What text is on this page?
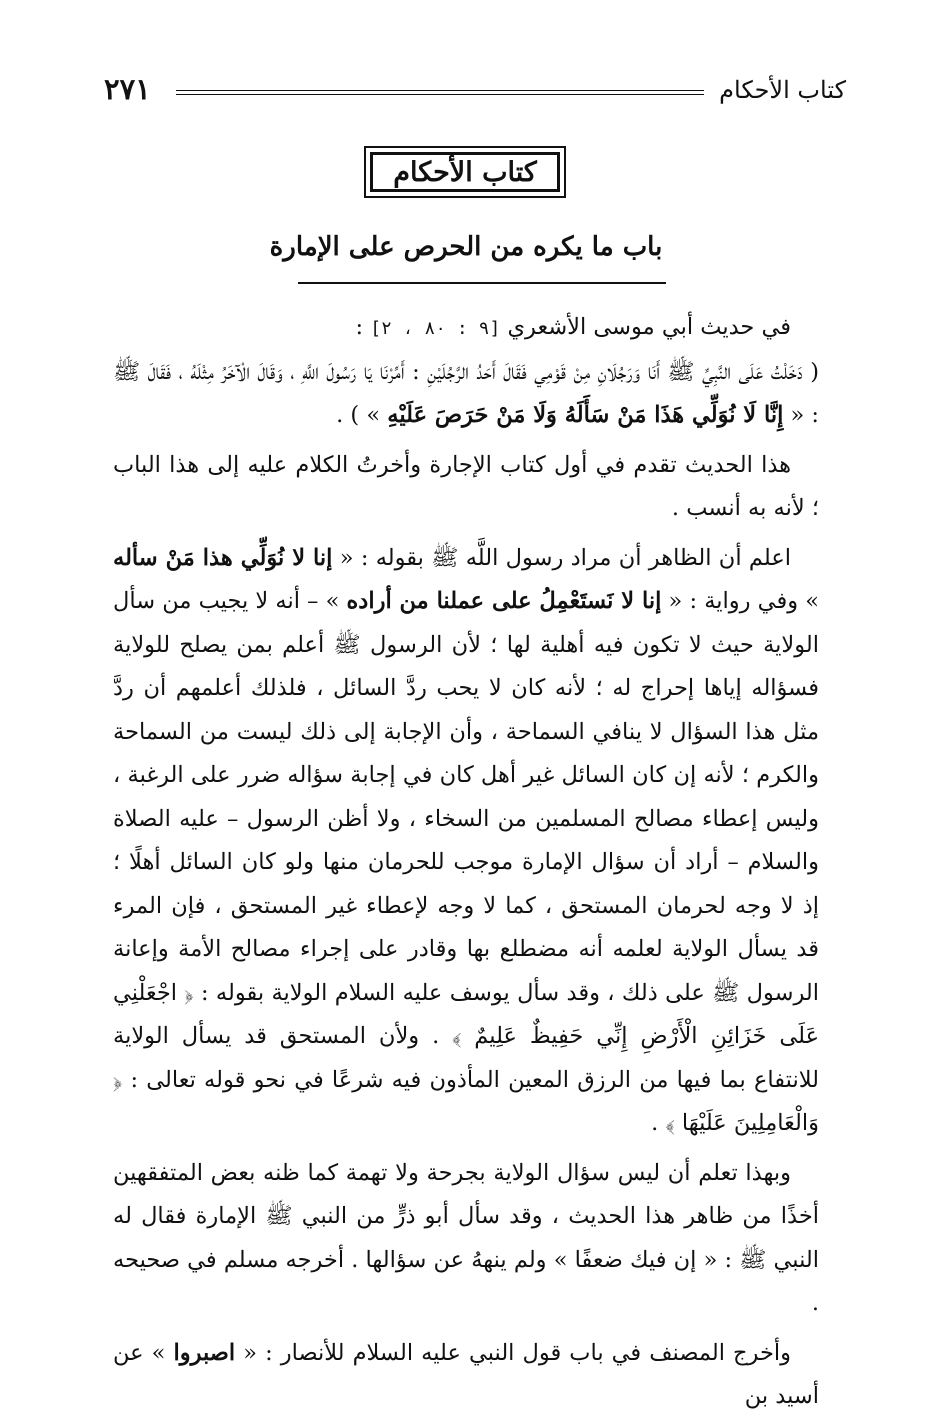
كتاب الأحكام
٢٧١
كتاب الأحكام
باب ما يكره من الحرص على الإمارة

في حديث أبي موسى الأشعري [٩ : ٨٠ ، ٢] :

( دَخَلْتُ عَلَى النَّبِيِّ ﷺ أَنَا وَرَجُلَانِ مِنْ قَوْمِي فَقَالَ أَحَدُ الرَّجُلَيْنِ : أَمِّرْنَا يَا رَسُولَ اللَّهِ ، وَقَالَ الْآخَرُ مِثْلَهُ ، فَقَالَ ﷺ : « إِنَّا لَا نُوَلِّي هَذَا مَنْ سَأَلَهُ وَلَا مَنْ حَرَصَ عَلَيْهِ » ) .

هذا الحديث تقدم في أول كتاب الإجارة وأخرتُ الكلام عليه إلى هذا الباب ؛ لأنه به أنسب .

اعلم أن الظاهر أن مراد رسول اللَّه ﷺ بقوله : « إنا لا نُوَلِّي هذا مَنْ سأله » وفي رواية : « إنا لا نَستَعْمِلُ على عملنا من أراده » – أنه لا يجيب من سأل الولاية حيث لا تكون فيه أهلية لها ؛ لأن الرسول ﷺ أعلم بمن يصلح للولاية فسؤاله إياها إحراج له ؛ لأنه كان لا يحب ردَّ السائل ، فلذلك أعلمهم أن ردَّ مثل هذا السؤال لا ينافي السماحة ، وأن الإجابة إلى ذلك ليست من السماحة والكرم ؛ لأنه إن كان السائل غير أهل كان في إجابة سؤاله ضرر على الرغبة ، وليس إعطاء مصالح المسلمين من السخاء ، ولا أظن الرسول – عليه الصلاة والسلام – أراد أن سؤال الإمارة موجب للحرمان منها ولو كان السائل أهلًا ؛ إذ لا وجه لحرمان المستحق ، كما لا وجه لإعطاء غير المستحق ، فإن المرء قد يسأل الولاية لعلمه أنه مضطلع بها وقادر على إجراء مصالح الأمة وإعانة الرسول ﷺ على ذلك ، وقد سأل يوسف عليه السلام الولاية بقوله : ﴿ اجْعَلْنِي عَلَى خَزَائِنِ الْأَرْضِ إِنِّي حَفِيظٌ عَلِيمٌ ﴾ . ولأن المستحق قد يسأل الولاية للانتفاع بما فيها من الرزق المعين المأذون فيه شرعًا في نحو قوله تعالى : ﴿ وَالْعَامِلِينَ عَلَيْهَا ﴾ .

وبهذا تعلم أن ليس سؤال الولاية بجرحة ولا تهمة كما ظنه بعض المتفقهين أخذًا من ظاهر هذا الحديث ، وقد سأل أبو ذرٍّ من النبي ﷺ الإمارة فقال له النبي ﷺ : « إن فيك ضعفًا » ولم ينههُ عن سؤالها . أخرجه مسلم في صحيحه .

وأخرج المصنف في باب قول النبي عليه السلام للأنصار : « اصبروا » عن أسيد بن
